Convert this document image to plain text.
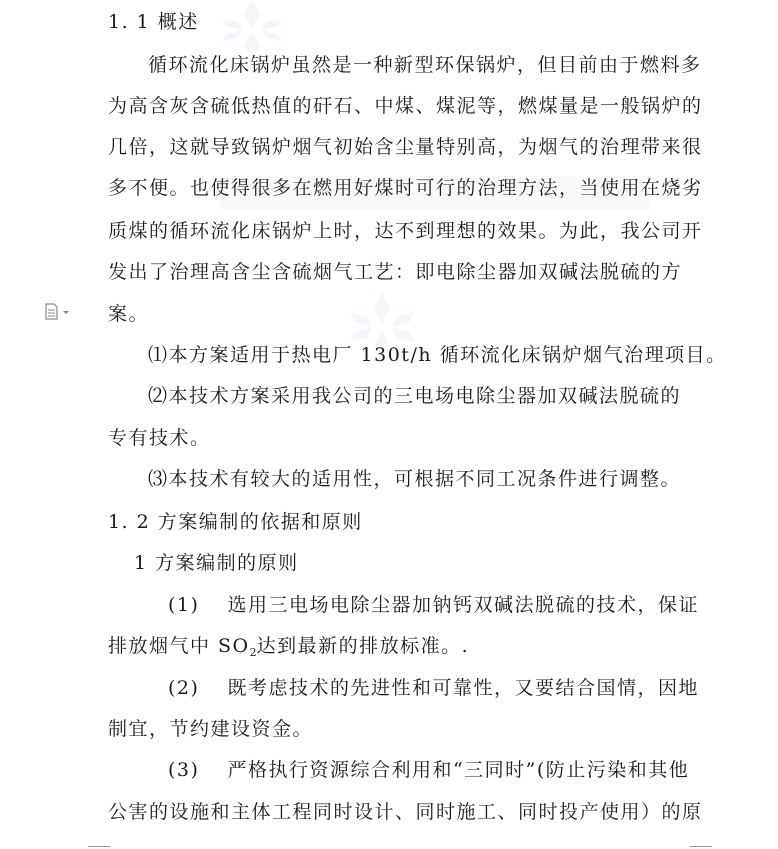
1. 1 概述
循环流化床锅炉虽然是一种新型环保锅炉，但目前由于燃料多
为高含灰含硫低热值的矸石、中煤、煤泥等，燃煤量是一般锅炉的
几倍，这就导致锅炉烟气初始含尘量特别高，为烟气的治理带来很
多不便。也使得很多在燃用好煤时可行的治理方法，当使用在烧劣
质煤的循环流化床锅炉上时，达不到理想的效果。为此，我公司开
发出了治理高含尘含硫烟气工艺：即电除尘器加双碱法脱硫的方
案。
⑴本方案适用于热电厂 130t/h 循环流化床锅炉烟气治理项目。
⑵本技术方案采用我公司的三电场电除尘器加双碱法脱硫的
专有技术。
⑶本技术有较大的适用性，可根据不同工况条件进行调整。
1. 2 方案编制的依据和原则
1 方案编制的原则
(1)　 选用三电场电除尘器加钠钙双碱法脱硫的技术，保证
排放烟气中 $SO_2$达到最新的排放标准。.
(2)　 既考虑技术的先进性和可靠性，又要结合国情，因地
制宜，节约建设资金。
(3)　 严格执行资源综合利用和“三同时”(防止污染和其他
公害的设施和主体工程同时设计、同时施工、同时投产使用）的原
